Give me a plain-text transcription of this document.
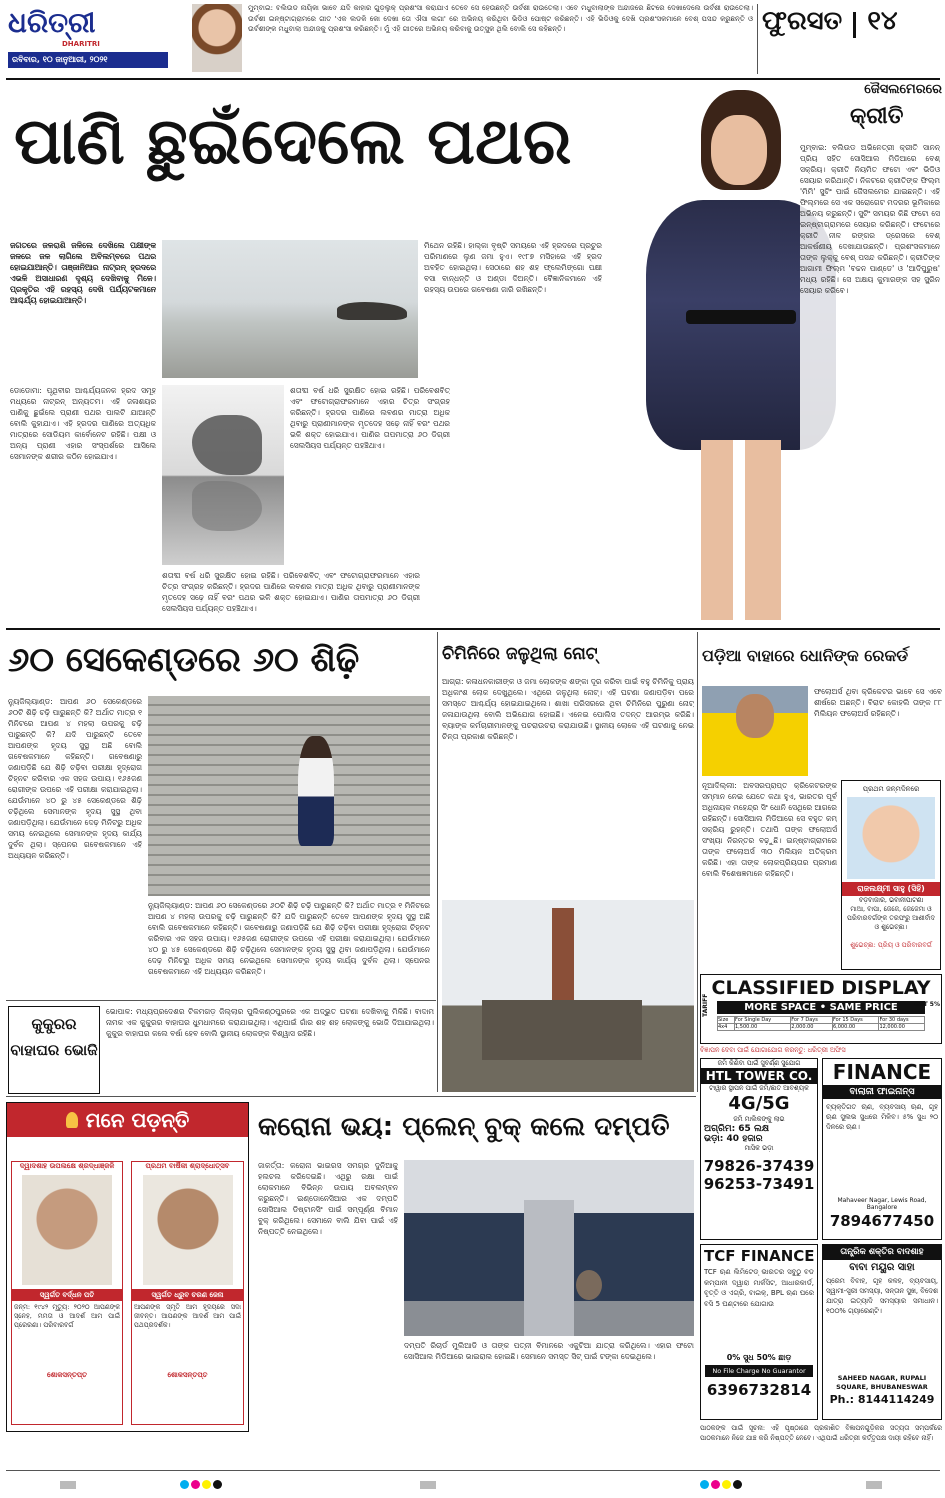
ଧରିତ୍ରୀ
DHARITRI
ରବିବାର, ୧୦ ଜାନୁଆରୀ, ୨୦୨୧
ମୁମ୍ବାଇ: ବଲିଉଡ ନାୟିକା ଭାବେ ଯଦି କାହାର ଗୁଡ଼ଲୁକ୍ ପ୍ରଶଂସା କରାଯାଏ ତେବେ ସେ ହେଉଛନ୍ତି ଉର୍ବଶୀ ରାଉତେଲା। ଏବେ ମଧୁବାଲାଙ୍କ ଅନ୍ଦାଜରେ ଛିଟରେ ଦେଖାଦେଲେ ଉର୍ବଶୀ ରାଉତେଲା। ଉର୍ବଶୀ ଇନ୍‌ଷ୍ଟାଗ୍ରାମରେ ଗୀତ 'ଏକ ଲଡକି କୋ ଦେଖା ତୋ ଐସା ଲଗା' ରେ ଅଭିନୟ କରିଥିବା ଭିଡିଓ ପୋଷ୍ଟ କରିଛନ୍ତି। ଏହି ଭିଡିଓକୁ ଦେଖି ପ୍ରଶଂସକମାନେ ବେଶ୍ ପସନ୍ଦ କରୁଛନ୍ତି ଓ ଉର୍ବଶୀଙ୍କ ମଧୁବାଲା ଅନ୍ଦାଜକୁ ପ୍ରଶଂସା କରିଛନ୍ତି। ମୁଁ ଏହି ଗୀତରେ ଅଭିନୟ କରିବାକୁ ଉତ୍ସୁକ ଥିଲି ବୋଲି ସେ କହିଛନ୍ତି।	ଫୁରସତ ୧୪
ପାଣି ଛୁଇଁଦେଲେ ପଥର
ଜଗତରେ ଜଳରାଶି ଜଳିଲେ ଦେଖିଲେ ପକ୍ଷୀଙ୍କ ଜଳରେ ଜଳ ଲାଗିଲେ ଅବିଲମ୍ବରେ ପଥର ହୋଇଯାଆନ୍ତି। ତାଞ୍ଜାନିଆର ନାଟ୍ରନ୍ ହ୍ରଦରେ ଏଭଳି ଅସାଧାରଣ ଦୃଶ୍ୟ ଦେଖିବାକୁ ମିଳେ। ପ୍ରକୃତିର ଏହି ରହସ୍ୟ ଦେଖି ପର୍ଯ୍ୟଟକମାନେ ଆଶ୍ଚର୍ଯ୍ୟ ହୋଇଯାଆନ୍ତି।
ଡୋଡୋମା: ପୃଥିବୀର ଆଶ୍ଚର୍ଯ୍ୟଜନକ ହ୍ରଦ ସମୂହ ମଧ୍ୟରେ ନାଟ୍ରନ୍ ଅନ୍ୟତମ। ଏହି ଜଳାଶୟର ପାଣିକୁ ଛୁଇଁଲେ ପ୍ରାଣୀ ପଥର ପାଲଟି ଯାଆନ୍ତି ବୋଲି କୁହାଯାଏ। ଏହି ହ୍ରଦର ପାଣିରେ ଅତ୍ୟଧିକ ମାତ୍ରାରେ ସୋଡିୟମ କାର୍ବୋନେଟ ରହିଛି। ପକ୍ଷୀ ଓ ଅନ୍ୟ ପ୍ରାଣୀ ଏହାର ସଂସ୍ପର୍ଶରେ ଆସିଲେ ସେମାନଙ୍କ ଶରୀର କଠିନ ହୋଇଯାଏ।
ଶତାବ୍ଦୀ ବର୍ଷ ଧରି ସୁରକ୍ଷିତ ହୋଇ ରହିଛି। ପରିବେଶବିତ୍ ଏବଂ ଫଟୋଗ୍ରାଫରମାନେ ଏହାର ଚିତ୍ର ସଂଗ୍ରହ କରିଛନ୍ତି। ହ୍ରଦର ପାଣିରେ ଲବଣର ମାତ୍ରା ଅଧିକ ଥିବାରୁ ପ୍ରାଣୀମାନଙ୍କ ମୃତଦେହ ସଢ଼େ ନାହିଁ ବରଂ ପଥର ଭଳି ଶକ୍ତ ହୋଇଯାଏ। ପାଣିର ତାପମାତ୍ରା ୬୦ ଡିଗ୍ରୀ ସେଲସିୟସ ପର୍ଯ୍ୟନ୍ତ ପହଞ୍ଚିଥାଏ।
ମିଥେନ ରହିଛି। ହାଲ୍‌କା ବୃଷ୍ଟି ସମୟରେ ଏହି ହ୍ରଦରେ ପ୍ରଚୁର ପରିମାଣରେ ଲୁଣ ଜମା ହୁଏ। ୧୯୮୭ ମସିହାରେ ଏହି ହ୍ରଦ ଅବହିତ ହୋଇଥିଲା। ସେଠାରେ ଶହ ଶହ ଫ୍ଲେମିଙ୍ଗୋ ପକ୍ଷୀ ବସା ବାନ୍ଧନ୍ତି ଓ ଅଣ୍ଡା ଦିଅନ୍ତି। ବୈଜ୍ଞାନିକମାନେ ଏହି ରହସ୍ୟ ଉପରେ ଗବେଷଣା ଜାରି ରଖିଛନ୍ତି।
ଶତାବ୍ଦୀ ବର୍ଷ ଧରି ସୁରକ୍ଷିତ ହୋଇ ରହିଛି। ପରିବେଶବିତ୍ ଏବଂ ଫଟୋଗ୍ରାଫରମାନେ ଏହାର ଚିତ୍ର ସଂଗ୍ରହ କରିଛନ୍ତି। ହ୍ରଦର ପାଣିରେ ଲବଣର ମାତ୍ରା ଅଧିକ ଥିବାରୁ ପ୍ରାଣୀମାନଙ୍କ ମୃତଦେହ ସଢ଼େ ନାହିଁ ବରଂ ପଥର ଭଳି ଶକ୍ତ ହୋଇଯାଏ। ପାଣିର ତାପମାତ୍ରା ୬୦ ଡିଗ୍ରୀ ସେଲସିୟସ ପର୍ଯ୍ୟନ୍ତ ପହଞ୍ଚିଥାଏ।
ଜୈସଲମେରରେ
କ୍ରୀତି
ମୁମ୍ବାଇ: ବଲିଉଡ ଅଭିନେତ୍ରୀ କ୍ରୀତି ସାନନ୍ ପ୍ରିୟ ସହିତ ସୋସିଆଲ ମିଡିଆରେ ବେଶ୍ ସକ୍ରିୟ। କ୍ରୀତି ନିୟମିତ ଫଟୋ ଏବଂ ଭିଡିଓ ସେୟାର କରିଥାନ୍ତି। ନିକଟରେ କ୍ରୀତିଙ୍କ ଫିଲ୍ମ 'ମିମି' ସୁଟିଂ ପାଇଁ ଜୈସଲମେର ଯାଇଛନ୍ତି। ଏହି ଫିଲ୍ମରେ ସେ ଏକ ସରୋଗେଟ ମଦରର ଭୂମିକାରେ ଅଭିନୟ କରୁଛନ୍ତି। ସୁଟିଂ ସମୟର କିଛି ଫଟୋ ସେ ଇନ୍‌ଷ୍ଟାଗ୍ରାମରେ ସେୟାର କରିଛନ୍ତି। ଫଟୋରେ କ୍ରୀତି ନୀଳ ରଙ୍ଗର ଡ୍ରେସରେ ବେଶ୍ ଆକର୍ଷଣୀୟ ଦେଖାଯାଉଛନ୍ତି। ପ୍ରଶଂସକମାନେ ତାଙ୍କ ଲୁକ୍‌କୁ ବେଶ୍ ପସନ୍ଦ କରିଛନ୍ତି। କ୍ରୀତିଙ୍କ ଆଗାମୀ ଫିଲ୍ମ 'ବଚ୍ଚନ ପାଣ୍ଡେ' ଓ 'ଆଦିପୁରୁଷ' ମଧ୍ୟ ରହିଛି। ସେ ଅକ୍ଷୟ କୁମାରଙ୍କ ସହ ସ୍କ୍ରିନ ସେୟାର କରିବେ।
୬୦ ସେକେଣ୍ଡରେ ୬୦ ଶିଢ଼ି
ନ୍ୟୁଜିଲ୍ୟାଣ୍ଡ: ଆପଣ ୬୦ ସେକେଣ୍ଡରେ ୬୦ଟି ଶିଢ଼ି ଚଢ଼ି ପାରୁଛନ୍ତି କି? ଅର୍ଥାତ ମାତ୍ର ୧ ମିନିଟରେ ଆପଣ ୪ ମହଲା ଉପରକୁ ଚଢ଼ି ପାରୁଛନ୍ତି କି? ଯଦି ପାରୁଛନ୍ତି ତେବେ ଆପଣଙ୍କ ହୃଦୟ ସୁସ୍ଥ ଅଛି ବୋଲି ଗବେଷକମାନେ କହିଛନ୍ତି। ଗବେଷଣାରୁ ଜଣାପଡ଼ିଛି ଯେ ଶିଢ଼ି ଚଢ଼ିବା ପରୀକ୍ଷା ହୃଦ୍‌ରୋଗ ଚିହ୍ନଟ କରିବାର ଏକ ସହଜ ଉପାୟ। ୧୬୫ଜଣ ରୋଗୀଙ୍କ ଉପରେ ଏହି ପରୀକ୍ଷା କରାଯାଇଥିଲା। ଯେଉଁମାନେ ୪୦ ରୁ ୪୫ ସେକେଣ୍ଡରେ ଶିଢ଼ି ଚଢ଼ିଥିଲେ ସେମାନଙ୍କ ହୃଦୟ ସୁସ୍ଥ ଥିବା ଜଣାପଡ଼ିଥିଲା। ଯେଉଁମାନେ ଦେଢ଼ ମିନିଟରୁ ଅଧିକ ସମୟ ନେଇଥିଲେ ସେମାନଙ୍କ ହୃଦୟ କାର୍ଯ୍ୟ ଦୁର୍ବଳ ଥିଲା। ସ୍ପେନର ଗବେଷକମାନେ ଏହି ଅଧ୍ୟୟନ କରିଛନ୍ତି।
ନ୍ୟୁଜିଲ୍ୟାଣ୍ଡ: ଆପଣ ୬୦ ସେକେଣ୍ଡରେ ୬୦ଟି ଶିଢ଼ି ଚଢ଼ି ପାରୁଛନ୍ତି କି? ଅର୍ଥାତ ମାତ୍ର ୧ ମିନିଟରେ ଆପଣ ୪ ମହଲା ଉପରକୁ ଚଢ଼ି ପାରୁଛନ୍ତି କି? ଯଦି ପାରୁଛନ୍ତି ତେବେ ଆପଣଙ୍କ ହୃଦୟ ସୁସ୍ଥ ଅଛି ବୋଲି ଗବେଷକମାନେ କହିଛନ୍ତି। ଗବେଷଣାରୁ ଜଣାପଡ଼ିଛି ଯେ ଶିଢ଼ି ଚଢ଼ିବା ପରୀକ୍ଷା ହୃଦ୍‌ରୋଗ ଚିହ୍ନଟ କରିବାର ଏକ ସହଜ ଉପାୟ। ୧୬୫ଜଣ ରୋଗୀଙ୍କ ଉପରେ ଏହି ପରୀକ୍ଷା କରାଯାଇଥିଲା। ଯେଉଁମାନେ ୪୦ ରୁ ୪୫ ସେକେଣ୍ଡରେ ଶିଢ଼ି ଚଢ଼ିଥିଲେ ସେମାନଙ୍କ ହୃଦୟ ସୁସ୍ଥ ଥିବା ଜଣାପଡ଼ିଥିଲା। ଯେଉଁମାନେ ଦେଢ଼ ମିନିଟରୁ ଅଧିକ ସମୟ ନେଇଥିଲେ ସେମାନଙ୍କ ହୃଦୟ କାର୍ଯ୍ୟ ଦୁର୍ବଳ ଥିଲା। ସ୍ପେନର ଗବେଷକମାନେ ଏହି ଅଧ୍ୟୟନ କରିଛନ୍ତି।
ଚିମିନିରେ ଜଳୁଥିଲା ନୋଟ୍
ଆଗ୍ରା: କଳାଧନକାରୀଙ୍କ ଓ ଜମା ଲୋକଙ୍କ ଶଙ୍କା ଦୂର କରିବା ପାଇଁ ବହୁ ଚିମିନିକୁ ପ୍ରାୟ ଅଧିକାଂଶ ଲୋକ ଦେଖୁଥିଲେ। ଏଥିରେ ଜଳୁଥିଲା ନୋଟ୍। ଏହି ଘଟଣା ଜଣାପଡ଼ିବା ପରେ ସମସ୍ତେ ଆଶ୍ଚର୍ଯ୍ୟ ହୋଇଯାଇଥିଲେ। ଶାଖା ପରିସରରେ ଥିବା ଚିମିନିରେ ପୁରୁଣା ନୋଟ୍ ଜଳାଯାଉଥିଲା ବୋଲି ଅଭିଯୋଗ ହୋଇଛି। ଏନେଇ ପୋଲିସ ତଦନ୍ତ ଆରମ୍ଭ କରିଛି। ବ୍ୟାଙ୍କ କର୍ମଚାରୀମାନଙ୍କୁ ପଚରାଉଚରା କରାଯାଉଛି। ସ୍ଥାନୀୟ ଲୋକେ ଏହି ଘଟଣାକୁ ନେଇ ଚିନ୍ତା ପ୍ରକାଶ କରିଛନ୍ତି।
ପଡ଼ିଆ ବାହାରେ ଧୋନିଙ୍କ ରେକର୍ଡ
ଫଲୋଅର୍ସ ଥିବା କ୍ରିକେଟର ଭାବେ ସେ ଏବେ ଶୀର୍ଷରେ ଅଛନ୍ତି। ବିରାଟ କୋହଲି ତାଙ୍କ ୮୮ ମିଲିୟନ ଫଲୋଅର୍ସ ରହିଛନ୍ତି।
ନୂଆଦିଲ୍ଲୀ: ଅବସରପ୍ରାପ୍ତ କ୍ରିକେଟରଙ୍କ ସମ୍ମାନ ନେଇ ଯେତେ କଥା ହୁଏ, ଭାରତର ପୂର୍ବ ଅଧିନାୟକ ମହେନ୍ଦ୍ର ସିଂ ଧୋନି ସେଥିରେ ଆଗରେ ରହିଛନ୍ତି। ସୋସିଆଲ ମିଡିଆରେ ସେ ବହୁତ କମ୍ ସକ୍ରିୟ ରୁହନ୍ତି। ତଥାପି ତାଙ୍କ ଫଲୋଅର୍ସ ସଂଖ୍ୟା ନିରନ୍ତର ବଢ଼ୁଛି। ଇନ୍‌ଷ୍ଟାଗ୍ରାମରେ ତାଙ୍କ ଫଲୋଅର୍ସ ୩୦ ମିଲିୟନ ଅତିକ୍ରମ କରିଛି। ଏହା ତାଙ୍କ ଲୋକପ୍ରିୟତାର ପ୍ରମାଣ ବୋଲି ବିଶେଷଜ୍ଞମାନେ କହିଛନ୍ତି।
ପ୍ରଥମ ଜନ୍ମଦିନରେ
ରାଜଲକ୍ଷ୍ମୀ ସାହୁ (ସିହି)
ବଡ଼ବାଜାର, ଭବାନୀପାଟଣା
ମାଆ, ବାପା, ଜେଜେ, ଜେଜେମା ଓ ପରିବାରବର୍ଗଙ୍କ ତରଫରୁ ଆଶୀର୍ବାଦ ଓ ଶୁଭେଚ୍ଛା।
ଶୁଭେଚ୍ଛା: ପ୍ରିୟ ଓ ପରିବାରବର୍ଗ
କୁକୁରର ବାହାଘର ଭୋଜି
ଭୋପାଳ: ମଧ୍ୟପ୍ରଦେଶର ଟିକମଗଡ଼ ଜିଲ୍ଲାର ପୁଲିକଣ୍ଠପୁରରେ ଏକ ଅଦ୍ଭୁତ ଘଟଣା ଦେଖିବାକୁ ମିଳିଛି। ବାଦାମ ନାମକ ଏକ କୁକୁରର ବାହାଘର ଧୁମଧାମରେ କରାଯାଇଥିଲା। ଏଥିପାଇଁ ଗାଁର ଶହ ଶହ ଲୋକଙ୍କୁ ଭୋଜି ଦିଆଯାଇଥିଲା। କୁକୁର ବାହାଘର କଲେ ବର୍ଷା ହେବ ବୋଲି ସ୍ଥାନୀୟ ଲୋକଙ୍କ ବିଶ୍ୱାସ ରହିଛି।
CLASSIFIED DISPLAY
MORE SPACE • SAME PRICE
Size	For Single Day	For 7 Days	For 15 Days	For 30 days
4x4	1,500.00	2,000.00	6,000.00	12,000.00
TARIFF	GST 5%
ବିଜ୍ଞାପନ ଦେବା ପାଇଁ ଯୋଗାଯୋଗ କରନ୍ତୁ: ଧରିତ୍ରୀ ଅଫିସ
ଜମି କିଣିବା ପାଇଁ ସୁବର୍ଣ୍ଣ ସୁଯୋଗ
HTL TOWER CO.
ଟାୱାର ସ୍ଥାପନ ପାଇଁ ଜମି/ଛାତ ଆବଶ୍ୟକ
4G/5G
ଜମି ମାଲିକଙ୍କୁ ଲାଭ
ଅଗ୍ରିମ: 65 ଲକ୍ଷ
ଭଡ଼ା: 40 ହଜାର
ମାସିକ ଭଡ଼ା
79826-37439
96253-73491
FINANCE
ବାଲାଜୀ ଫାଇନାନ୍ସ
ବ୍ୟକ୍ତିଗତ ଋଣ, ବ୍ୟବସାୟ ଋଣ, ଗୃହ ଋଣ ସୁଲଭ ସୁଧରେ ମିଳିବ। ୫% ସୁଧ ୨୦ ଦିନରେ ଋଣ।
Mahaveer Nagar, Lewis Road, Bangalore
7894677450
TCF FINANCE
TCF ଋଣ ଲିମିଟେଡ୍ ଭାରତର ସବୁଠୁ ବଡ କମ୍ପାନୀ ଦ୍ୱାରା ମାର୍କସିଟ, ଆଧାରକାର୍ଡ, ବୃତ୍ତି ଓ ଏଗ୍ରି, ବାଇକ୍, BPL ଋଣ ଘରେ ବସି 5 ଘଣ୍ଟାରେ ଯୋଗାଉ
0% ସୁଧ 50% ଛାଡ଼
No File Charge No Guarantor
6396732814
ତାନ୍ତ୍ରିକ ଶକ୍ତିର ବାଦଶାହ
ବାବା ମୟୁର ସାହା
ପ୍ରେମ ବିବାହ, ଗୃହ କଳହ, ବ୍ୟବସାୟ, ସ୍ୱାମୀ-ସ୍ତ୍ରୀ ସମସ୍ୟା, ସନ୍ତାନ ସୁଖ, ବିଦେଶ ଯାତ୍ରା ଇତ୍ୟାଦି ସମସ୍ୟାର ସମାଧାନ। ୧୦୦% ଗ୍ୟାରେଣ୍ଟି।
SAHEED NAGAR, RUPALI SQUARE, BHUBANESWAR
Ph.: 8144114249
ମନେ ପଡ଼ନ୍ତି
ଦ୍ୱାଦଶାହ ଉପଲକ୍ଷେ ଶ୍ରଦ୍ଧାଞ୍ଜଳି
ସ୍ୱର୍ଗତ ବର୍ଦ୍ଧନ ପତି
ଜନ୍ମ: ୧୯୪୨ ମୃତ୍ୟୁ: ୨୦୨୦ ଆପଣଙ୍କ ସ୍ନେହ, ମମତା ଓ ଆଦର୍ଶ ଆମ ପାଇଁ ପ୍ରେରଣା। ପରିବାରବର୍ଗ
ଶୋକସନ୍ତପ୍ତ
ପ୍ରଥମ ବାର୍ଷିକୀ ଶ୍ରାଦ୍ଧୋତ୍ସବ
ସ୍ୱର୍ଗତ ଧ୍ରୁବ ଚରଣ ଜେନା
ଆପଣଙ୍କ ସ୍ମୃତି ଆମ ହୃଦୟରେ ସଦା ଜୀବନ୍ତ। ଆପଣଙ୍କ ଆଦର୍ଶ ଆମ ପାଇଁ ପଥପ୍ରଦର୍ଶକ।
ଶୋକସନ୍ତପ୍ତ
କରୋନା ଭୟ: ପ୍ଲେନ୍ ବୁକ୍ କଲେ ଦମ୍ପତି
ଜାକର୍ତ୍ତା: କରୋନା ଭାଇରସ ସମଗ୍ର ଦୁନିଆକୁ ହଲଚଲ କରିଦେଇଛି। ଏଥିରୁ ରକ୍ଷା ପାଇଁ ଲୋକମାନେ ବିଭିନ୍ନ ଉପାୟ ଅବଲମ୍ବନ କରୁଛନ୍ତି। ଇଣ୍ଡୋନେସିଆର ଏକ ଦମ୍ପତି ସୋସିଆଲ ଡିଷ୍ଟାନସିଂ ପାଇଁ ସମ୍ପୂର୍ଣ୍ଣ ବିମାନ ବୁକ୍ କରିଥିଲେ। ସେମାନେ ବାଲି ଯିବା ପାଇଁ ଏହି ନିଷ୍ପତ୍ତି ନେଇଥିଲେ।
ଦମ୍ପତି ରିଚାର୍ଡ ମୁଲିଆଡି ଓ ତାଙ୍କ ପତ୍ନୀ ବିମାନରେ ଏକୁଟିଆ ଯାତ୍ରା କରିଥିଲେ। ଏହାର ଫଟୋ ସୋସିଆଲ ମିଡିଆରେ ଭାଇରାଲ ହୋଇଛି। ସେମାନେ ସମସ୍ତ ସିଟ୍ ପାଇଁ ଟଙ୍କା ଦେଇଥିଲେ।
ପାଠକଙ୍କ ପାଇଁ ସୂଚନା: ଏହି ପୃଷ୍ଠାରେ ପ୍ରକାଶିତ ବିଜ୍ଞାପନଗୁଡ଼ିକର ସତ୍ୟତା ସମ୍ପର୍କରେ ପାଠକମାନେ ନିଜେ ଯାଞ୍ଚ କରି ନିଷ୍ପତ୍ତି ନେବେ। ଏଥିପାଇଁ ଧରିତ୍ରୀ କର୍ତ୍ତୃପକ୍ଷ ଦାୟୀ ରହିବେ ନାହିଁ।
